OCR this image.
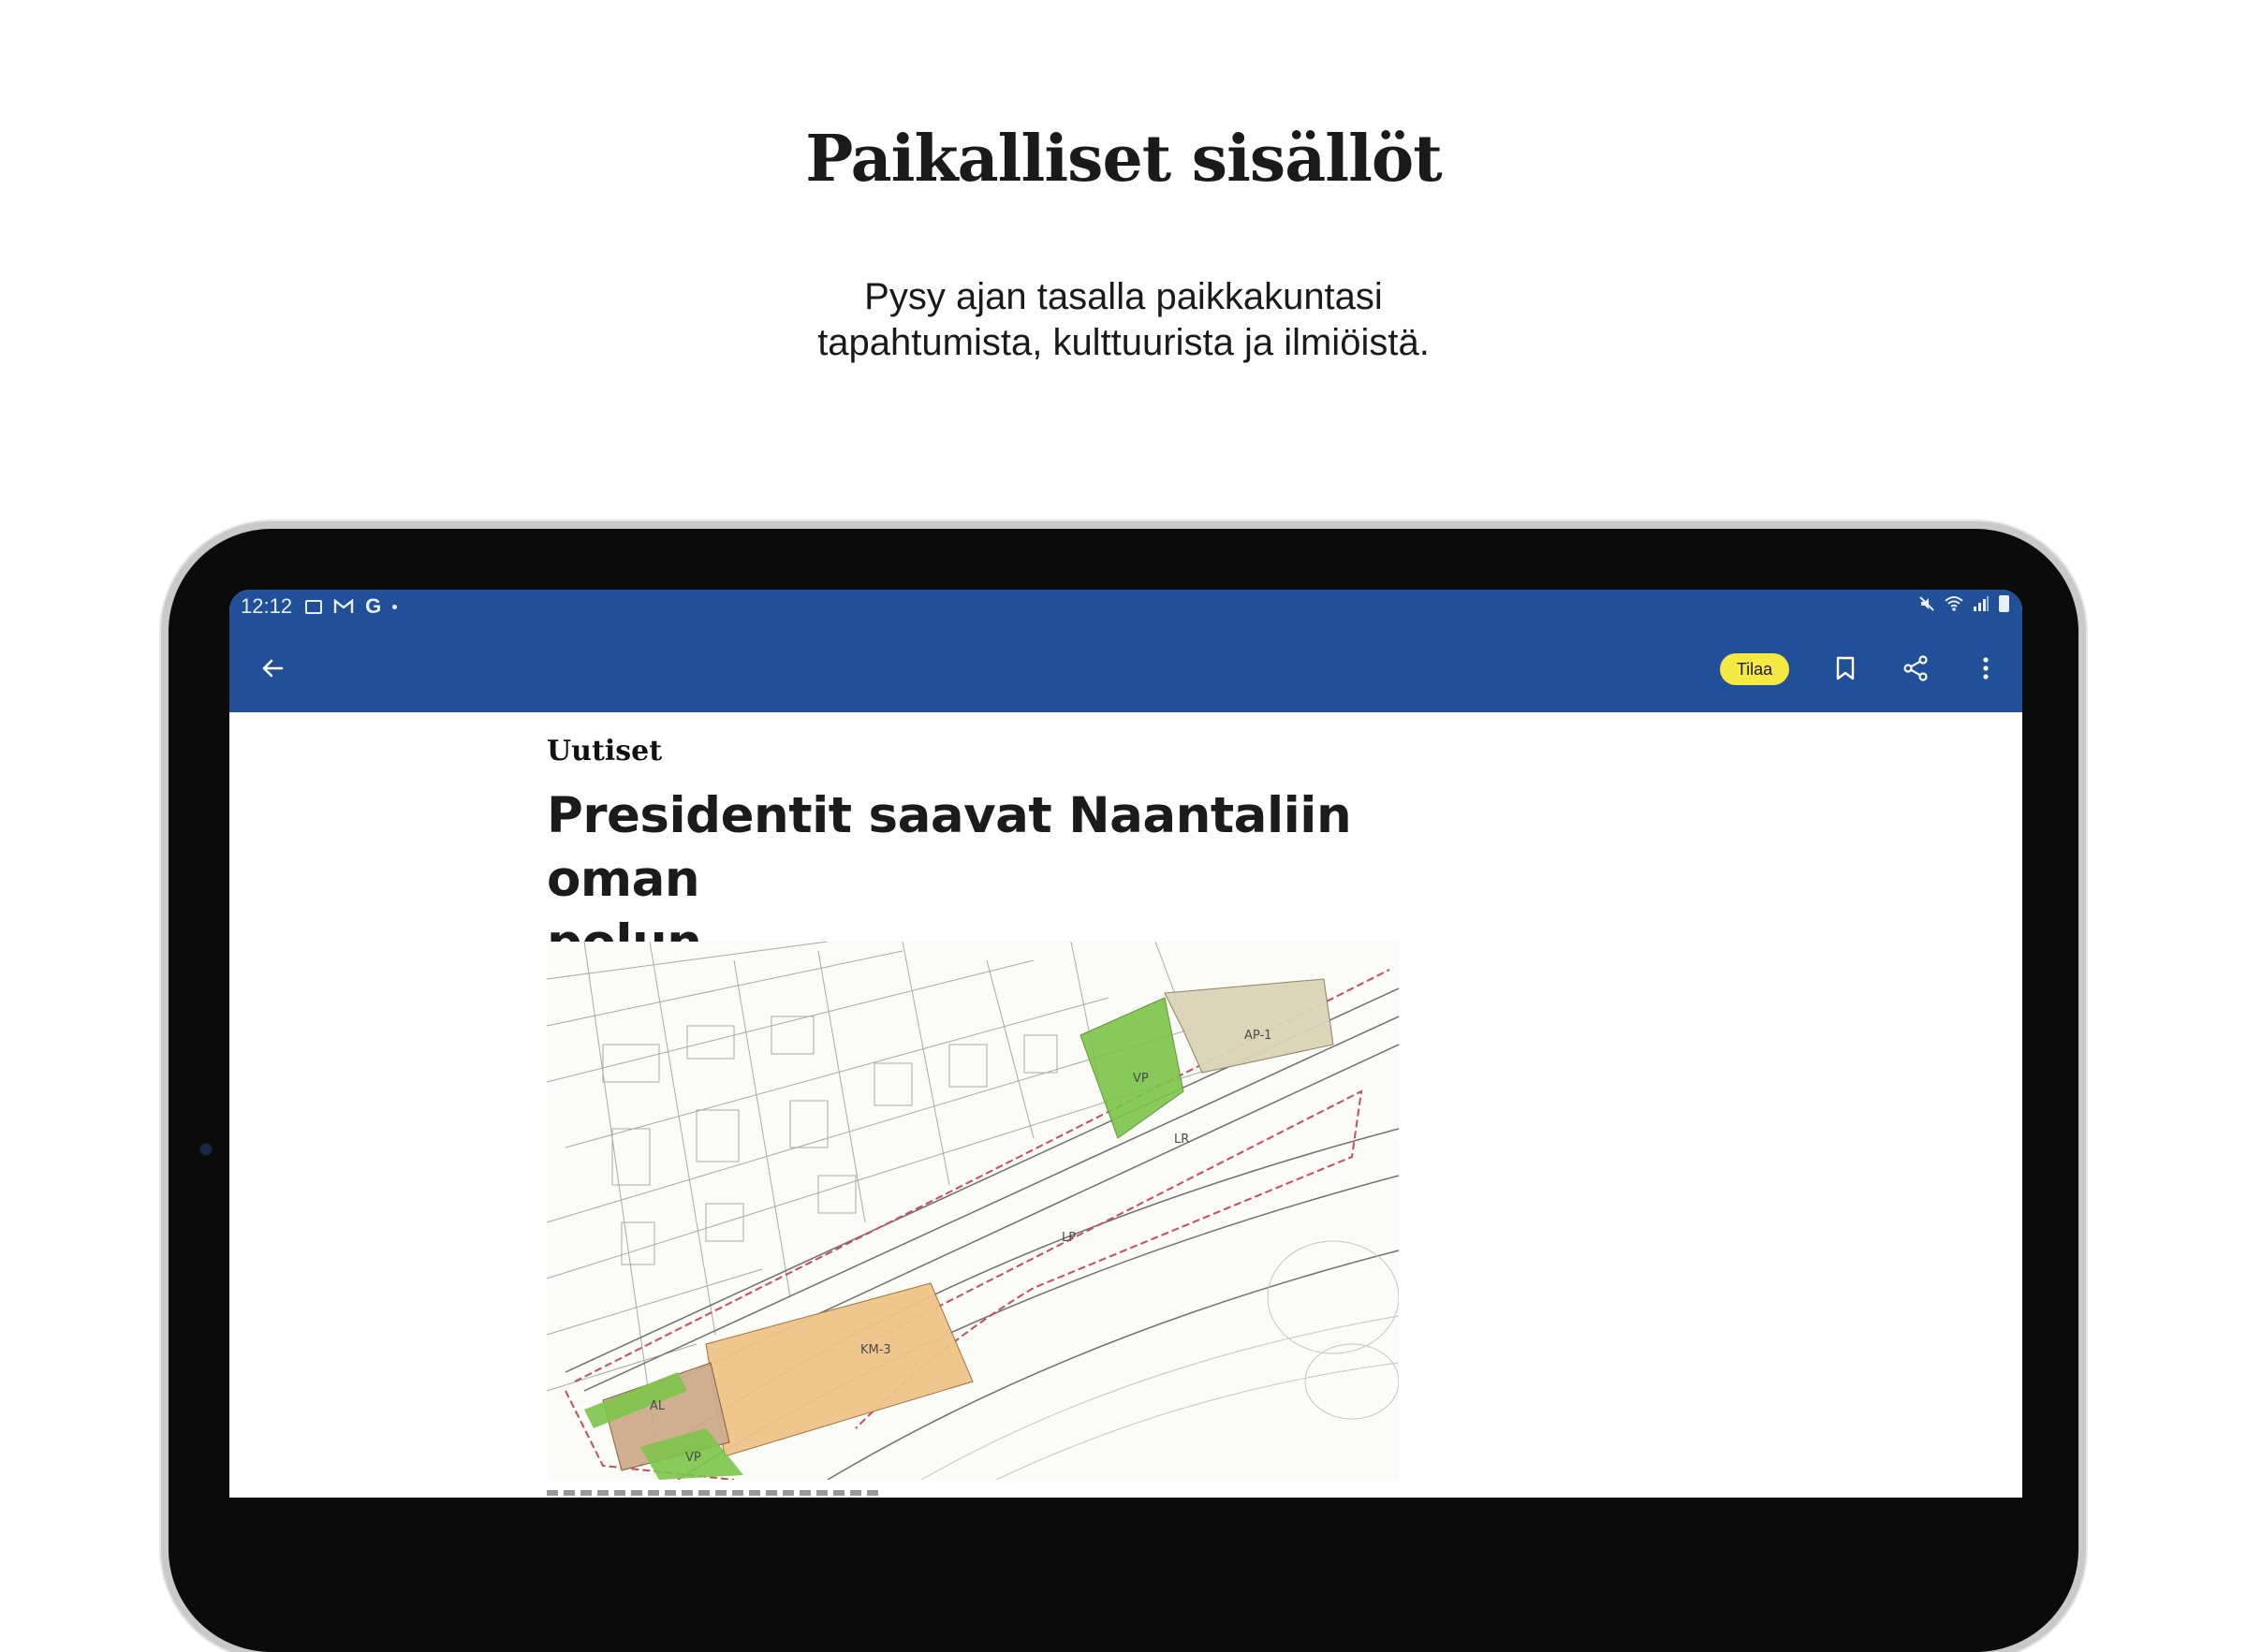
Paikalliset sisällöt
Pysy ajan tasalla paikkakuntasi
tapahtumista, kulttuurista ja ilmiöistä.
12:12	G
Tilaa

Uutiset

Presidentit saavat Naantaliin oman
VP
AP-1
LR
LP
KM-3
AL
VP
